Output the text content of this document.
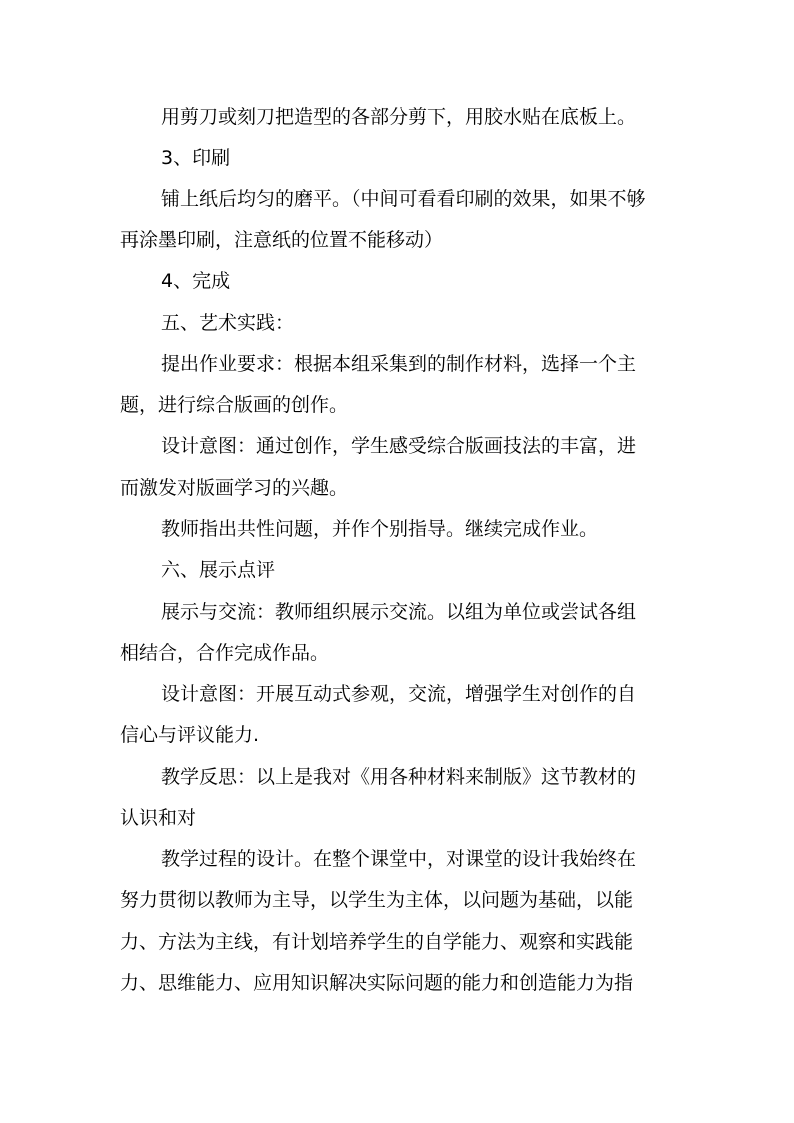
用剪刀或刻刀把造型的各部分剪下，用胶水贴在底板上。
3、印刷
铺上纸后均匀的磨平。（中间可看看印刷的效果，如果不够
再涂墨印刷，注意纸的位置不能移动）
4、完成
五、艺术实践：
提出作业要求：根据本组采集到的制作材料，选择一个主
题，进行综合版画的创作。
设计意图：通过创作，学生感受综合版画技法的丰富，进
而激发对版画学习的兴趣。
教师指出共性问题，并作个别指导。继续完成作业。
六、展示点评
展示与交流：教师组织展示交流。以组为单位或尝试各组
相结合，合作完成作品。
设计意图：开展互动式参观，交流，增强学生对创作的自
信心与评议能力.
教学反思：以上是我对《用各种材料来制版》这节教材的
认识和对
教学过程的设计。在整个课堂中，对课堂的设计我始终在
努力贯彻以教师为主导，以学生为主体，以问题为基础，以能
力、方法为主线，有计划培养学生的自学能力、观察和实践能
力、思维能力、应用知识解决实际问题的能力和创造能力为指
